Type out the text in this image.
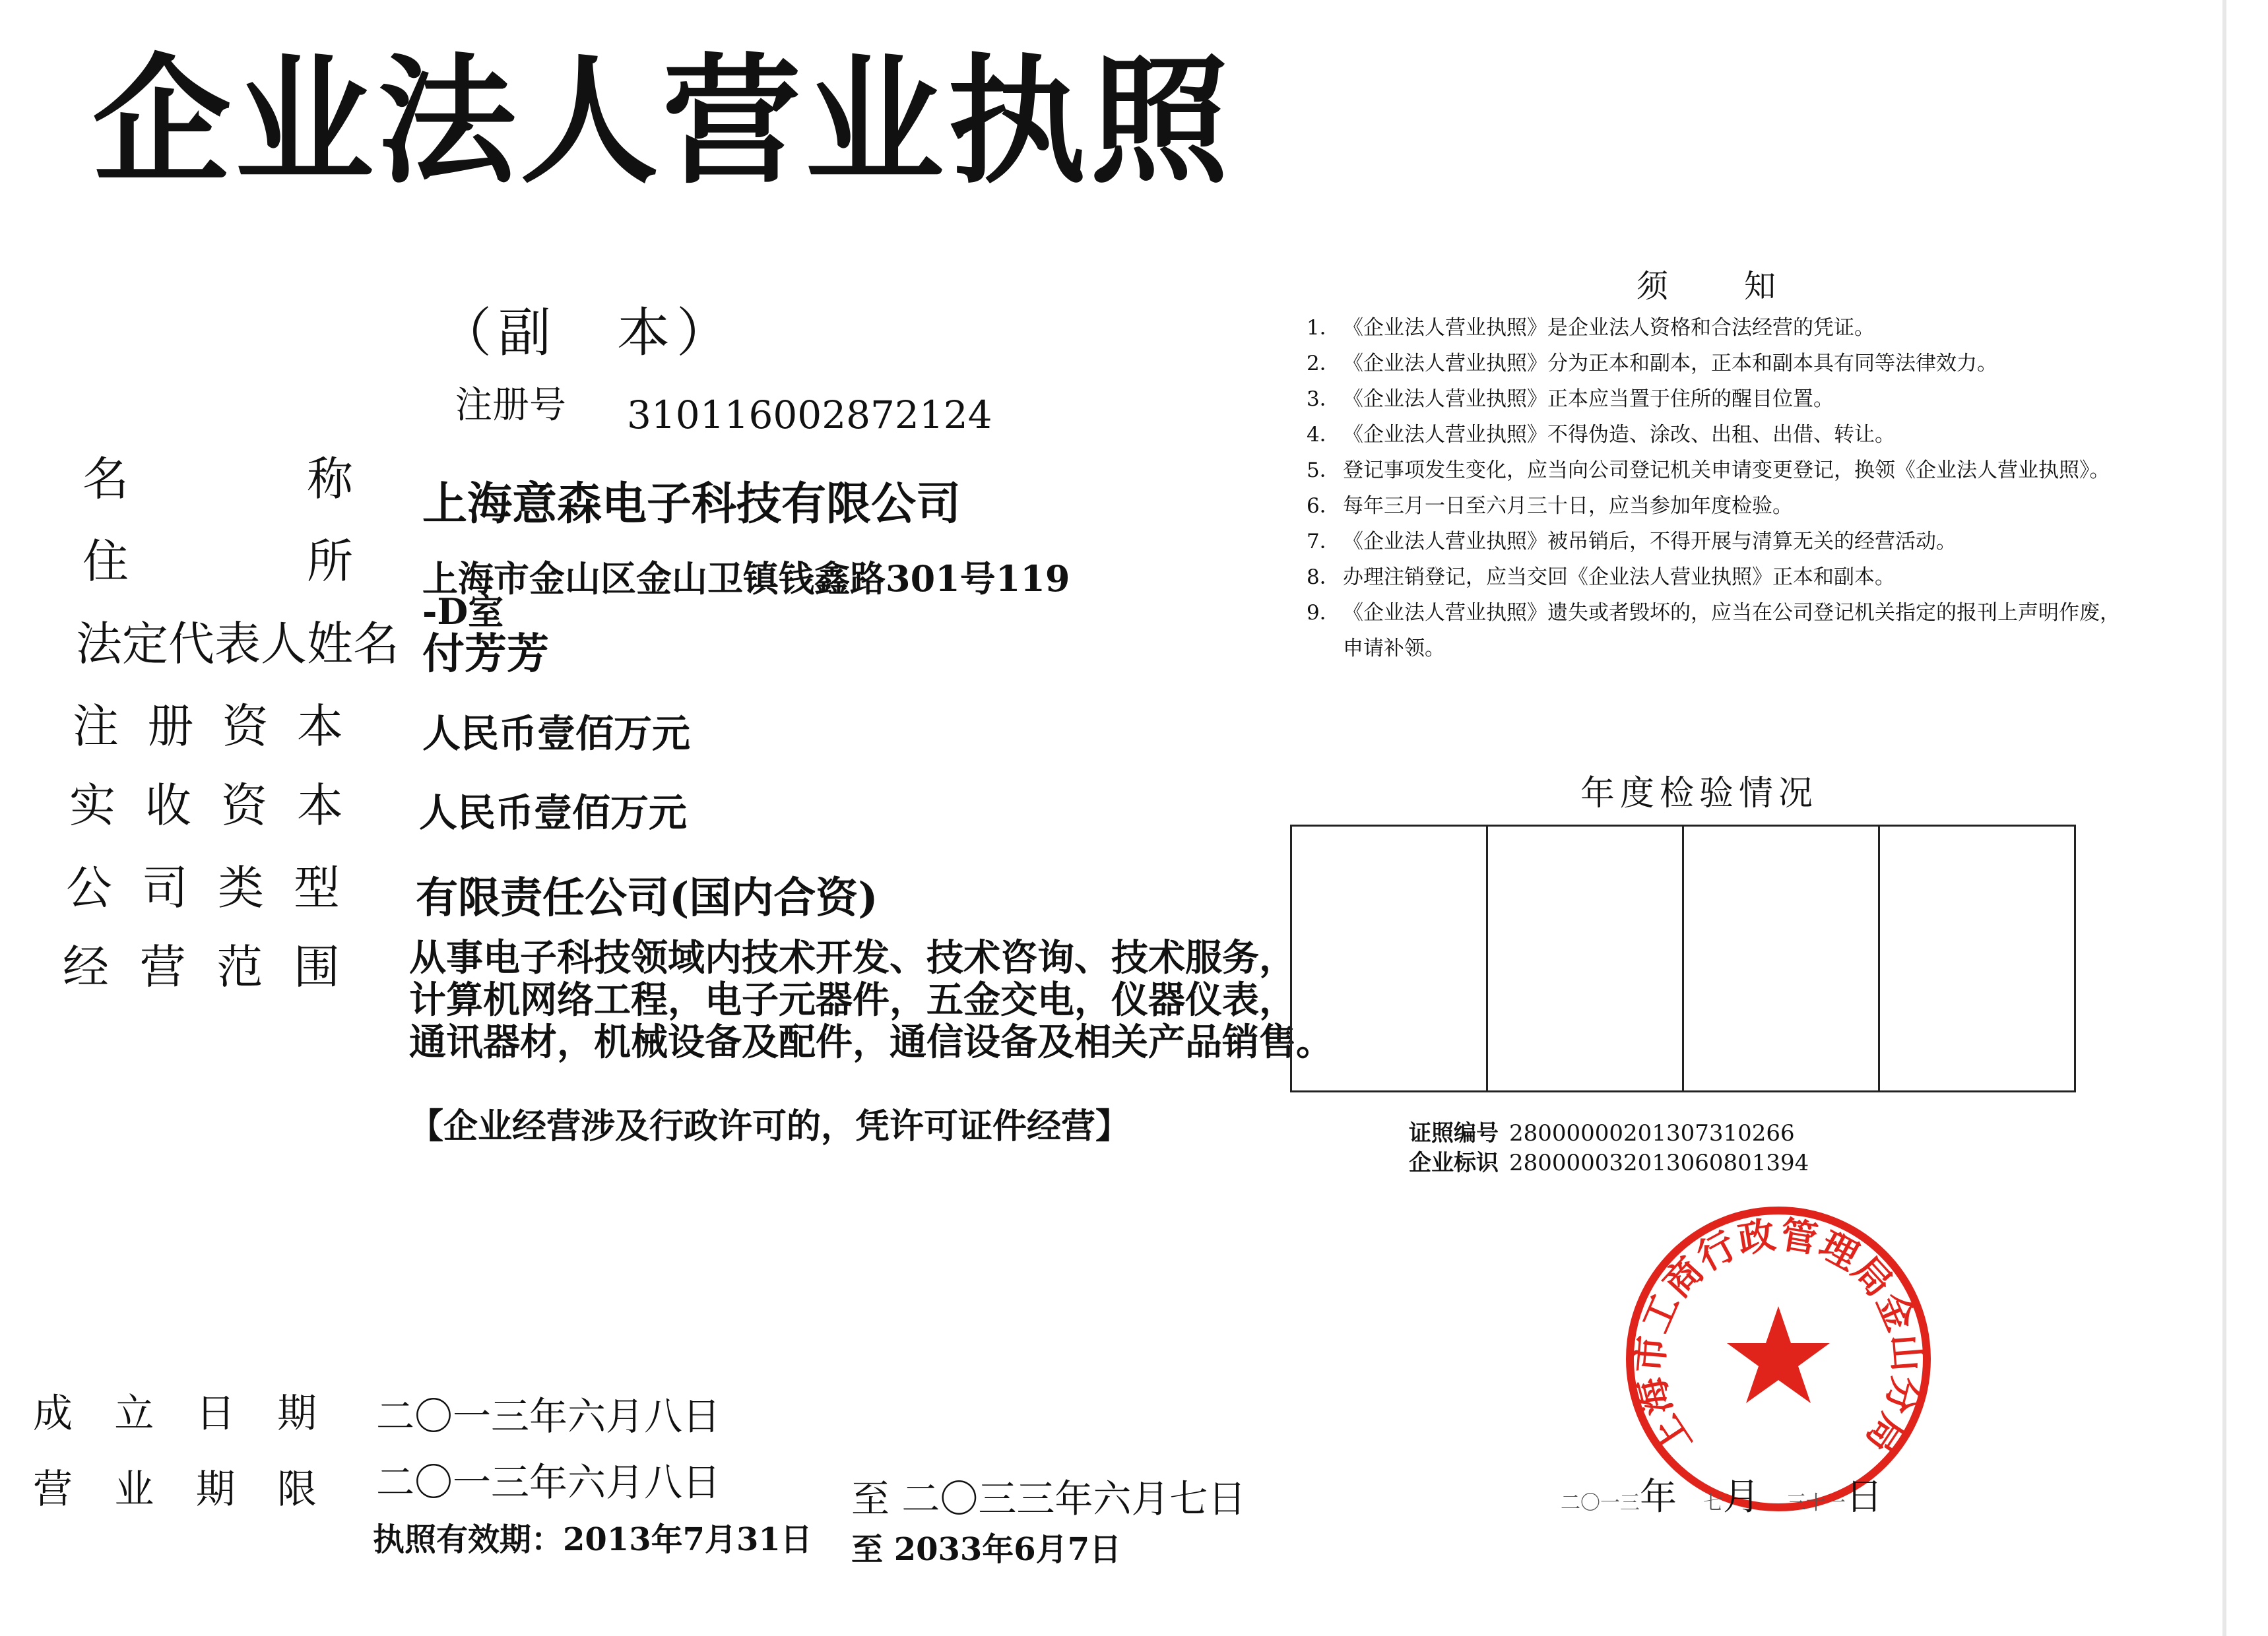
企业法人营业执照
（副　本）
注册号 310116002872124
名	称 上海意森电子科技有限公司
住	所 上海市金山区金山卫镇钱鑫路301号119
-D室
法定代表人姓名 付芳芳
注 册 资 本 人民币壹佰万元
实 收 资 本 人民币壹佰万元
公 司 类 型 有限责任公司(国内合资)
经 营 范 围 从事电子科技领域内技术开发、技术咨询、技术服务，
计算机网络工程，电子元器件，五金交电，仪器仪表，
通讯器材，机械设备及配件，通信设备及相关产品销售。
【企业经营涉及行政许可的，凭许可证件经营】
成 立 日 期 二〇一三年六月八日
营 业 期 限 二〇一三年六月八日	至 二〇三三年六月七日
执照有效期：2013年7月31日 至 2033年6月7日
须 知
1． 《企业法人营业执照》是企业法人资格和合法经营的凭证。
2． 《企业法人营业执照》分为正本和副本，正本和副本具有同等法律效力。
3． 《企业法人营业执照》正本应当置于住所的醒目位置。
4． 《企业法人营业执照》不得伪造、涂改、出租、出借、转让。
5． 登记事项发生变化，应当向公司登记机关申请变更登记，换领《企业法人营业执照》。
6． 每年三月一日至六月三十日，应当参加年度检验。
7． 《企业法人营业执照》被吊销后，不得开展与清算无关的经营活动。
8． 办理注销登记，应当交回《企业法人营业执照》正本和副本。
9． 《企业法人营业执照》遗失或者毁坏的，应当在公司登记机关指定的报刊上声明作废，申请补领。
年度检验情况
证照编号 28000000201307310266
企业标识 28000003201306080139​4
上海市工商行政管理局金山分局
二〇一三年 七月 三十一日
